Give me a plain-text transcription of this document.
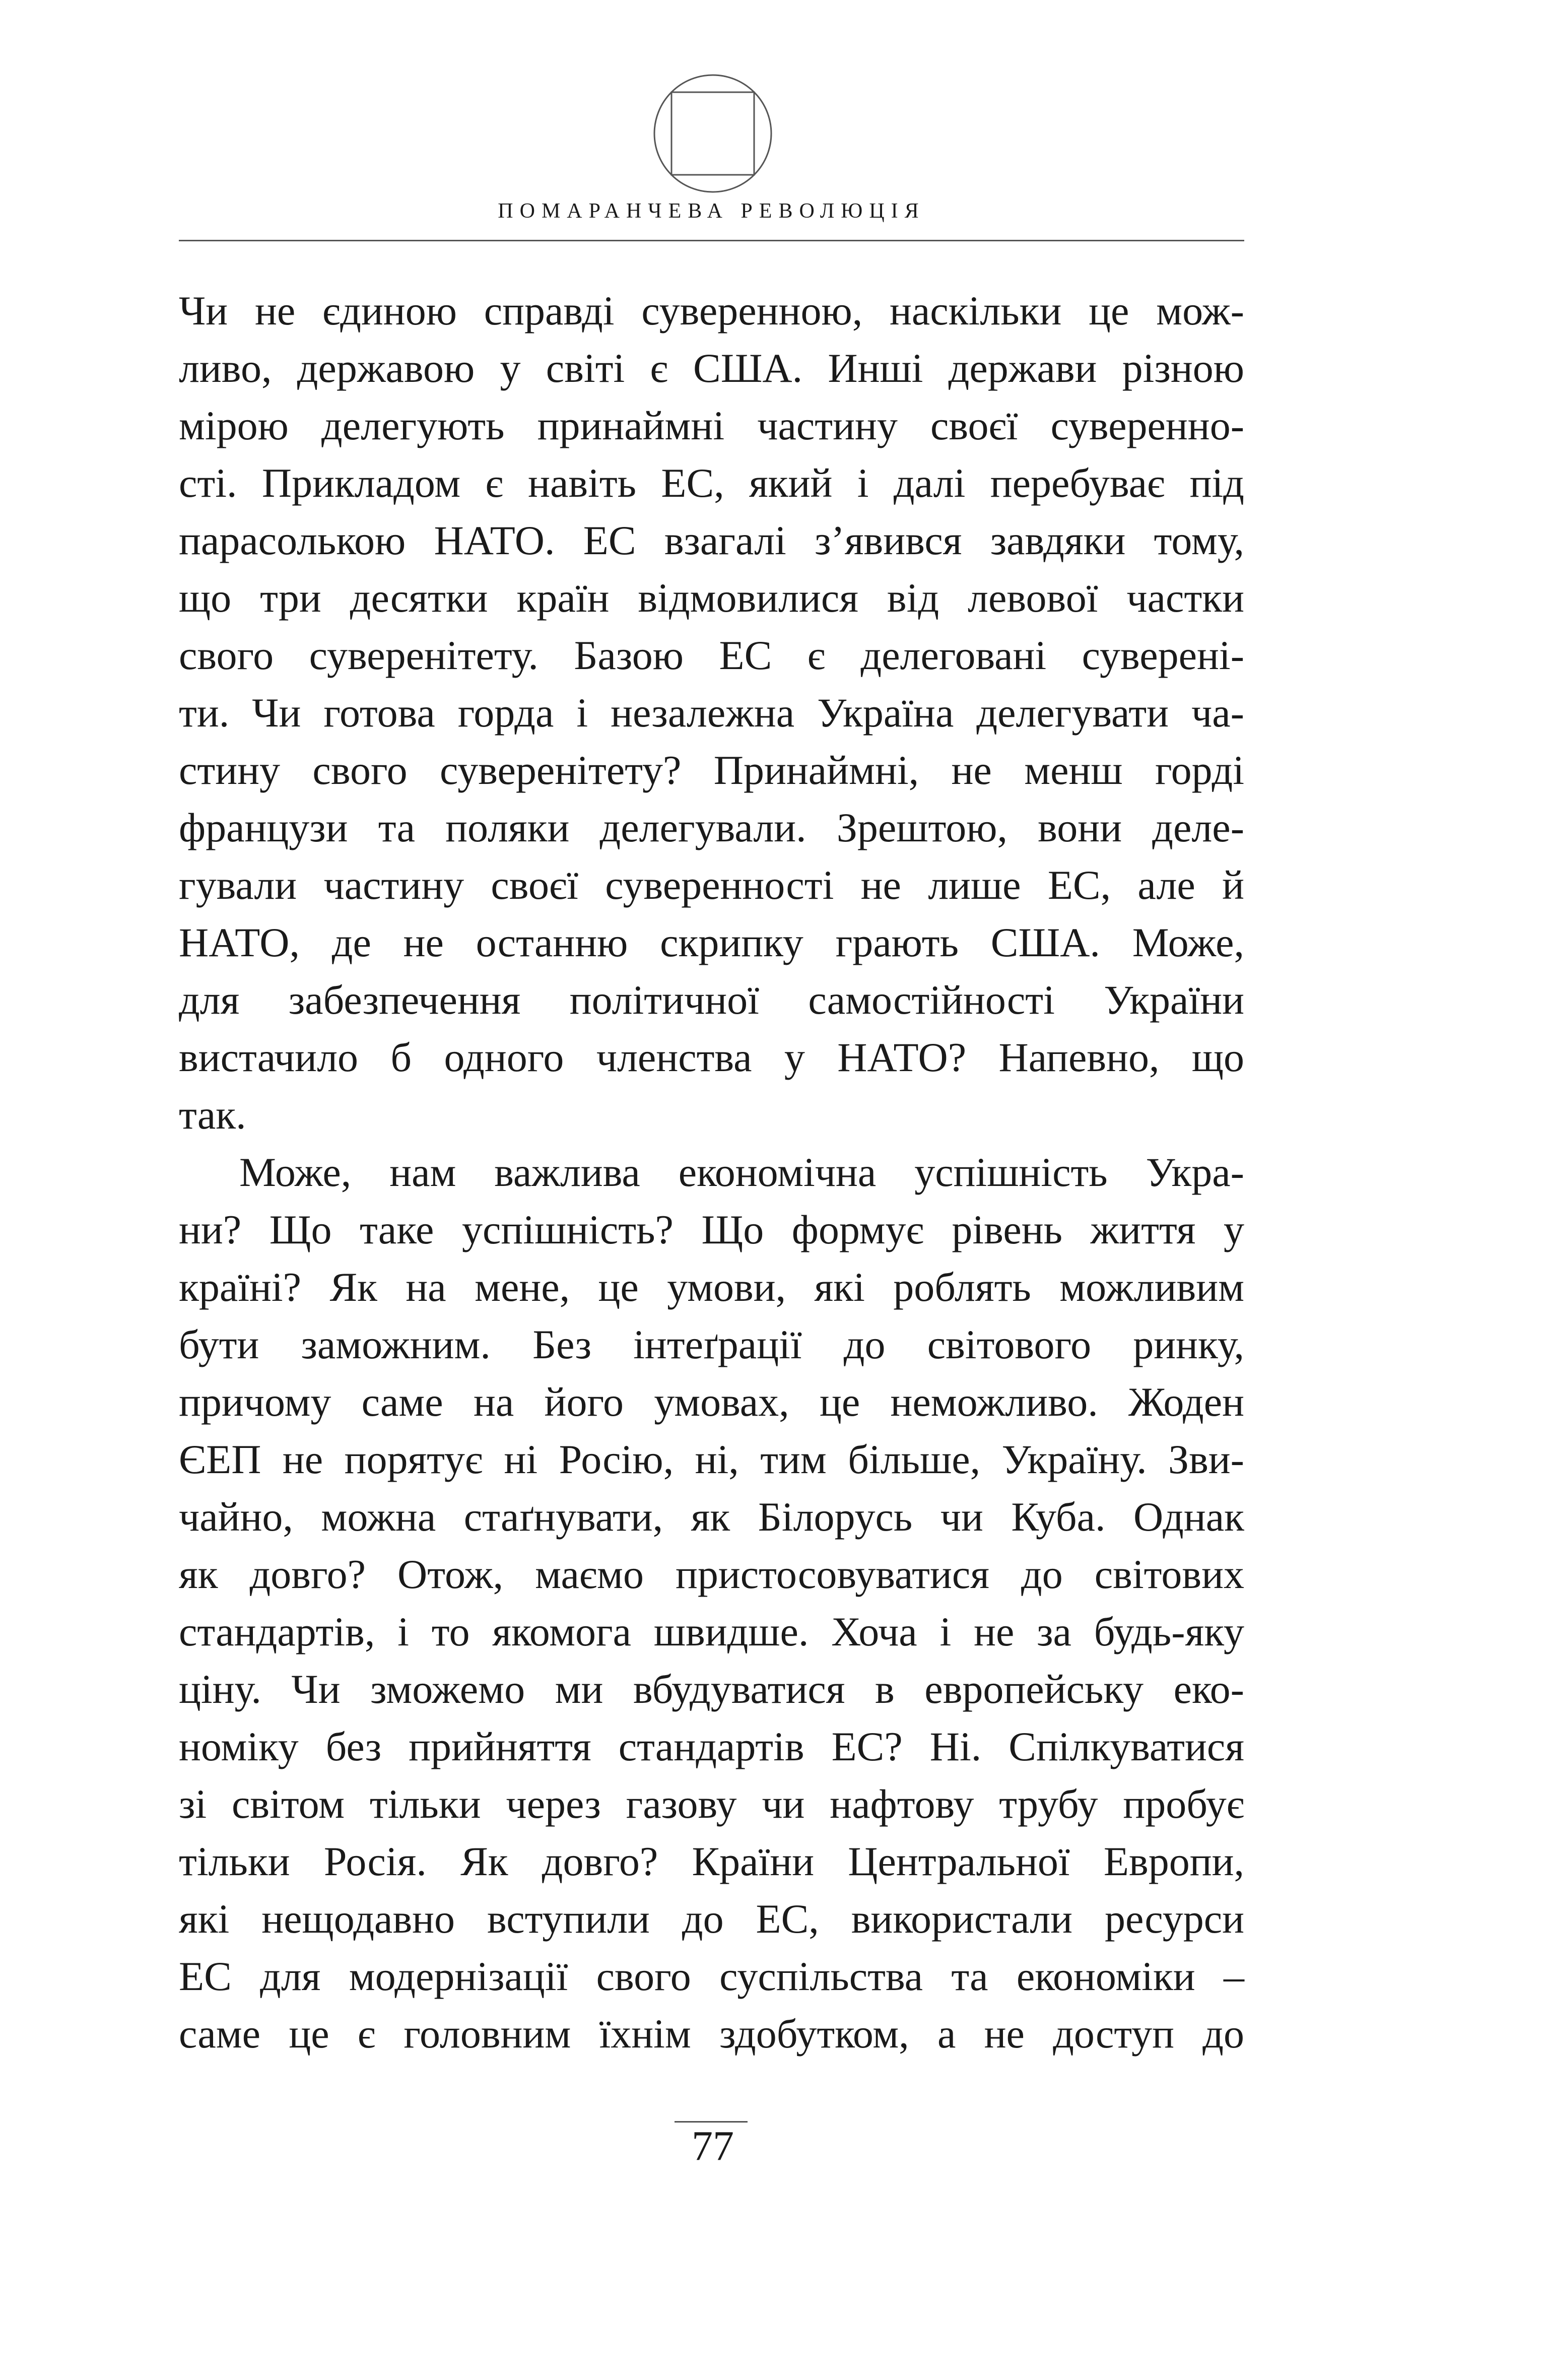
ПОМАРАНЧЕВА РЕВОЛЮЦІЯ
Чи не єдиною справді суверенною, наскільки це мож-
ливо, державою у світі є США. Инші держави різною
мірою делегують принаймні частину своєї суверенно-
сті. Прикладом є навіть ЕС, який і далі перебуває під
парасолькою НАТО. ЕС взагалі з’явився завдяки тому,
що три десятки країн відмовилися від левової частки
свого суверенітету. Базою ЕС є делеговані суверені-
ти. Чи готова горда і незалежна Україна делегувати ча-
стину свого суверенітету? Принаймні, не менш горді
французи та поляки делегували. Зрештою, вони деле-
гували частину своєї суверенності не лише ЕС, але й
НАТО, де не останню скрипку грають США. Може,
для забезпечення політичної самостійності України
вистачило б одного членства у НАТО? Напевно, що
так.
Може, нам важлива економічна успішність Укра-
ни? Що таке успішність? Що формує рівень життя у
країні? Як на мене, це умови, які роблять можливим
бути заможним. Без інтеґрації до світового ринку,
причому саме на його умовах, це неможливо. Жоден
ЄЕП не порятує ні Росію, ні, тим більше, Україну. Зви-
чайно, можна стаґнувати, як Білорусь чи Куба. Однак
як довго? Отож, маємо пристосовуватися до світових
стандартів, і то якомога швидше. Хоча і не за будь-яку
ціну. Чи зможемо ми вбудуватися в европейську еко-
номіку без прийняття стандартів ЕС? Ні. Спілкуватися
зі світом тільки через газову чи нафтову трубу пробує
тільки Росія. Як довго? Країни Центральної Европи,
які нещодавно вступили до ЕС, використали ресурси
ЕС для модернізації свого суспільства та економіки –
саме це є головним їхнім здобутком, а не доступ до
77
